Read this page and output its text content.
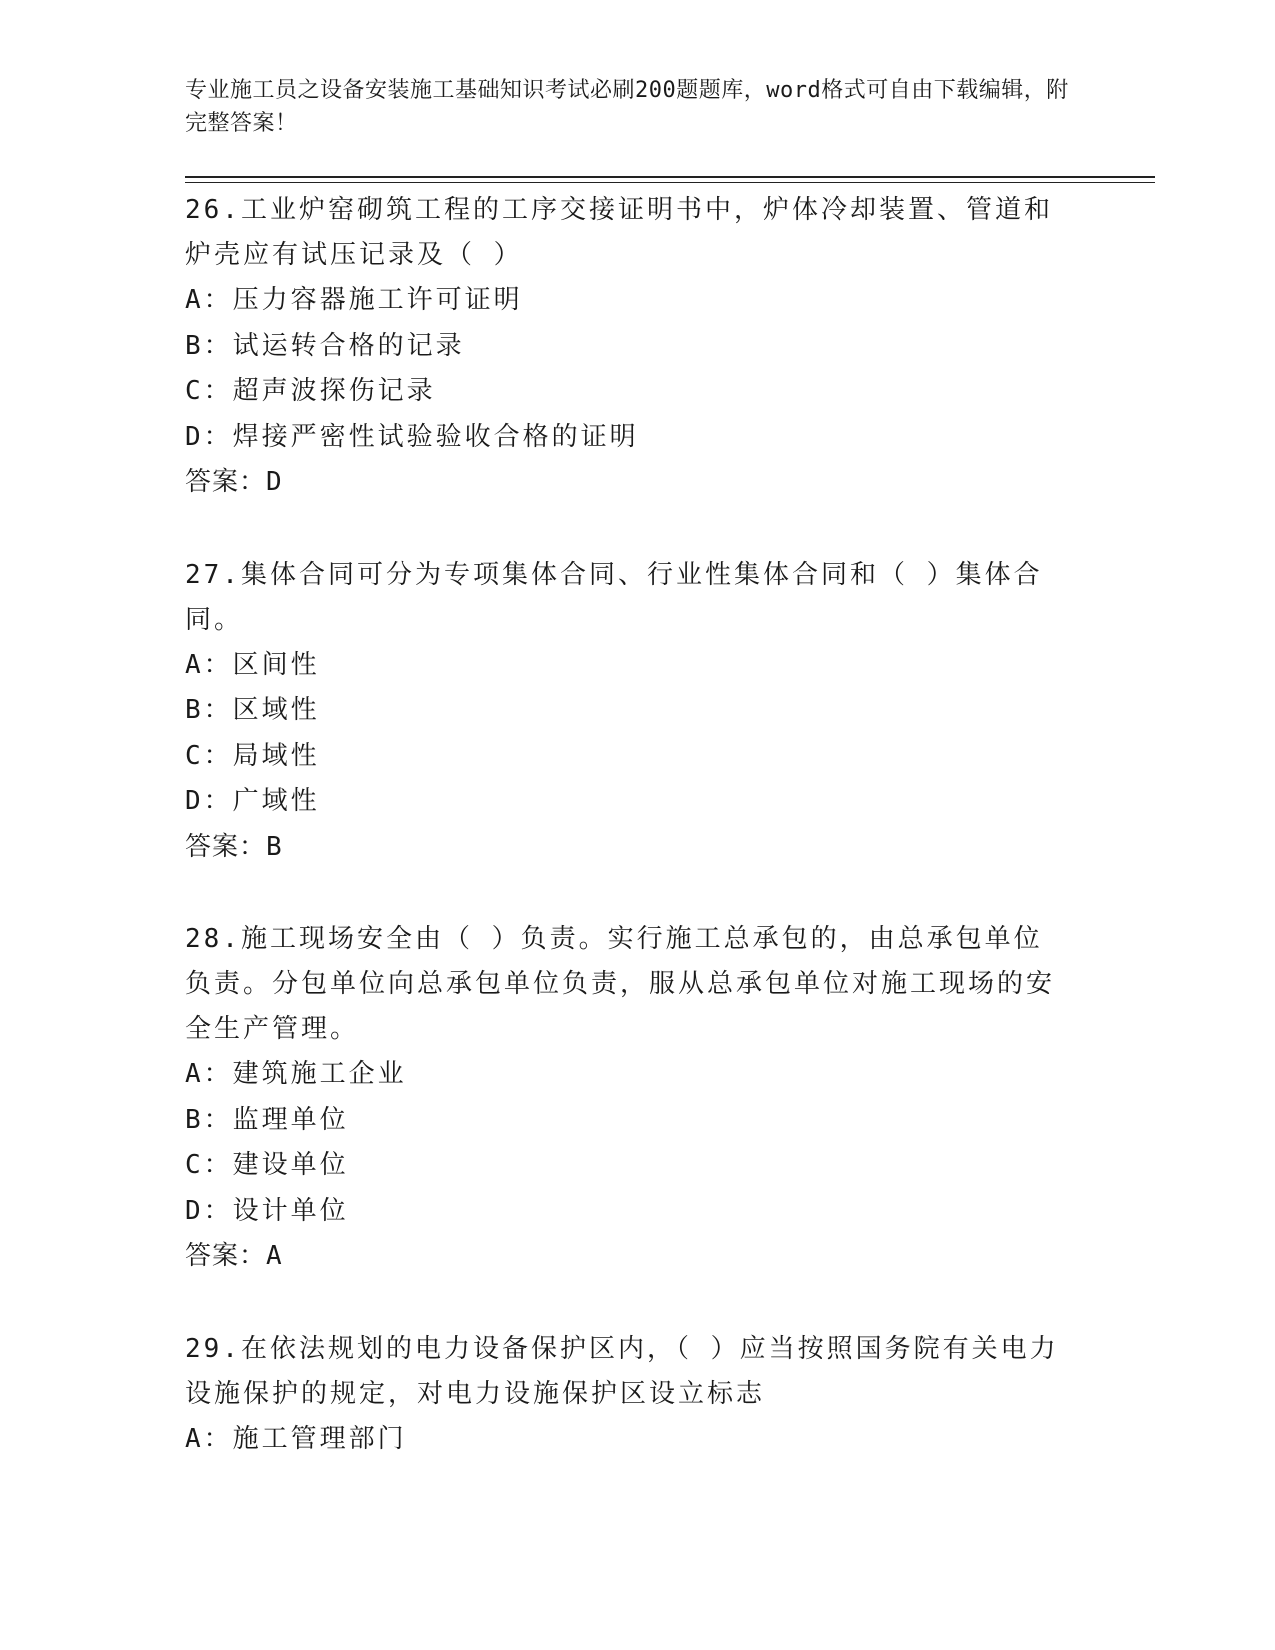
专业施工员之设备安装施工基础知识考试必刷200题题库，word格式可自由下载编辑，附完整答案！

26.工业炉窑砌筑工程的工序交接证明书中，炉体冷却装置、管道和炉壳应有试压记录及（ ）

A：压力容器施工许可证明

B：试运转合格的记录

C：超声波探伤记录

D：焊接严密性试验验收合格的证明

答案：D

27.集体合同可分为专项集体合同、行业性集体合同和（ ）集体合同。

A：区间性

B：区域性

C：局域性

D：广域性

答案：B

28.施工现场安全由（ ）负责。实行施工总承包的，由总承包单位负责。分包单位向总承包单位负责，服从总承包单位对施工现场的安全生产管理。

A：建筑施工企业

B：监理单位

C：建设单位

D：设计单位

答案：A

29.在依法规划的电力设备保护区内，（ ）应当按照国务院有关电力设施保护的规定，对电力设施保护区设立标志

A：施工管理部门
